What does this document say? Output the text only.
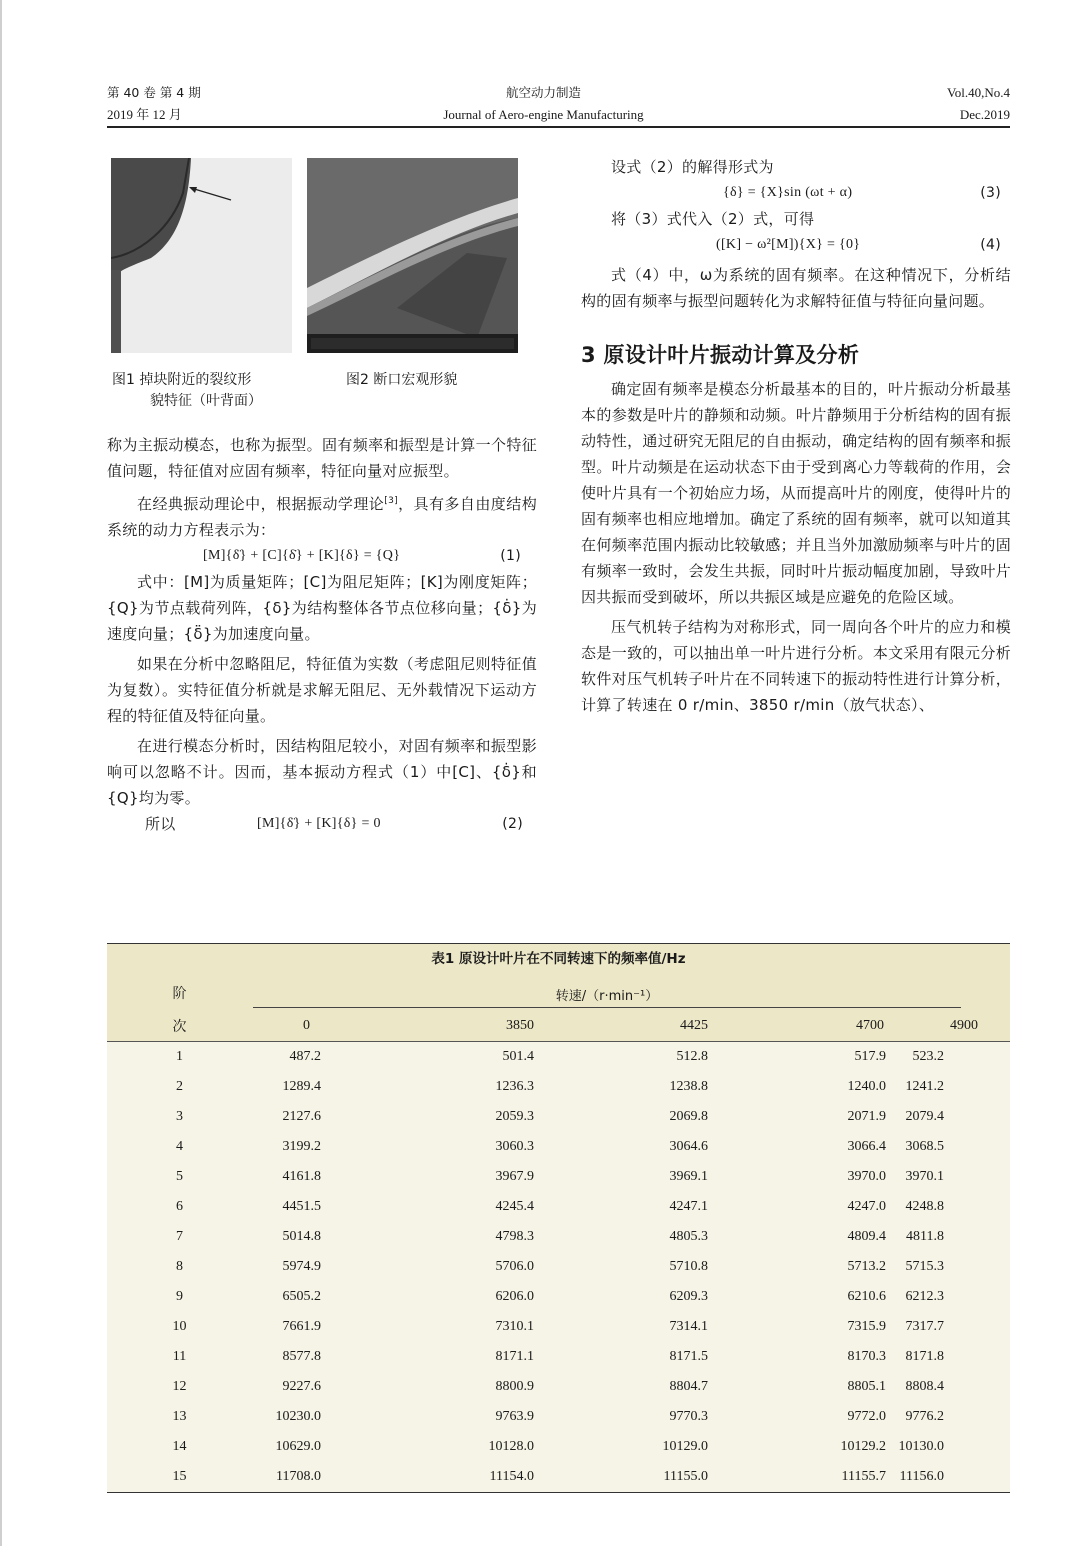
第 40 卷 第 4 期
2019 年 12 月
航空动力制造
Journal of Aero-engine Manufacturing
Vol.40,No.4
Dec.2019
图1 掉块附近的裂纹形
貌特征（叶背面）
图2 断口宏观形貌

称为主振动模态，也称为振型。固有频率和振型是计算一个特征值问题，特征值对应固有频率，特征向量对应振型。

在经典振动理论中，根据振动学理论[3]，具有多自由度结构系统的动力方程表示为：

[M]{δ̈} + [C]{δ̇} + [K]{δ} = {Q}	(1)

式中：[M]为质量矩阵；[C]为阻尼矩阵；[K]为刚度矩阵；{Q}为节点载荷列阵，{δ}为结构整体各节点位移向量；{δ̇}为速度向量；{δ̈}为加速度向量。

如果在分析中忽略阻尼，特征值为实数（考虑阻尼则特征值为复数）。实特征值分析就是求解无阻尼、无外载情况下运动方程的特征值及特征向量。

在进行模态分析时，因结构阻尼较小，对固有频率和振型影响可以忽略不计。因而，基本振动方程式（1）中[C]、{δ̇}和{Q}均为零。

所以	[M]{δ̈} + [K]{δ} = 0	(2)

设式（2）的解得形式为

{δ} = {X}sin (ωt + α)	(3)

将（3）式代入（2）式，可得

([K] − ω²[M]){X} = {0}	(4)

式（4）中，ω为系统的固有频率。在这种情况下，分析结构的固有频率与振型问题转化为求解特征值与特征向量问题。

3 原设计叶片振动计算及分析

确定固有频率是模态分析最基本的目的，叶片振动分析最基本的参数是叶片的静频和动频。叶片静频用于分析结构的固有振动特性，通过研究无阻尼的自由振动，确定结构的固有频率和振型。叶片动频是在运动状态下由于受到离心力等载荷的作用，会使叶片具有一个初始应力场，从而提高叶片的刚度，使得叶片的固有频率也相应地增加。确定了系统的固有频率，就可以知道其在何频率范围内振动比较敏感；并且当外加激励频率与叶片的固有频率一致时，会发生共振，同时叶片振动幅度加剧，导致叶片因共振而受到破坏，所以共振区域是应避免的危险区域。

压气机转子结构为对称形式，同一周向各个叶片的应力和模态是一致的，可以抽出单一叶片进行分析。本文采用有限元分析软件对压气机转子叶片在不同转速下的振动特性进行计算分析，计算了转速在 0 r/min、3850 r/min（放气状态）、

表1 原设计叶片在不同转速下的频率值/Hz
阶	转速/（r·min⁻¹）				

次	0	3850	4425	4700	4900
1	487.2	501.4	512.8	517.9	523.2
2	1289.4	1236.3	1238.8	1240.0	1241.2
3	2127.6	2059.3	2069.8	2071.9	2079.4
4	3199.2	3060.3	3064.6	3066.4	3068.5
5	4161.8	3967.9	3969.1	3970.0	3970.1
6	4451.5	4245.4	4247.1	4247.0	4248.8
7	5014.8	4798.3	4805.3	4809.4	4811.8
8	5974.9	5706.0	5710.8	5713.2	5715.3
9	6505.2	6206.0	6209.3	6210.6	6212.3
10	7661.9	7310.1	7314.1	7315.9	7317.7
11	8577.8	8171.1	8171.5	8170.3	8171.8
12	9227.6	8800.9	8804.7	8805.1	8808.4
13	10230.0	9763.9	9770.3	9772.0	9776.2
14	10629.0	10128.0	10129.0	10129.2	10130.0
15	11708.0	11154.0	11155.0	11155.7	11156.0
